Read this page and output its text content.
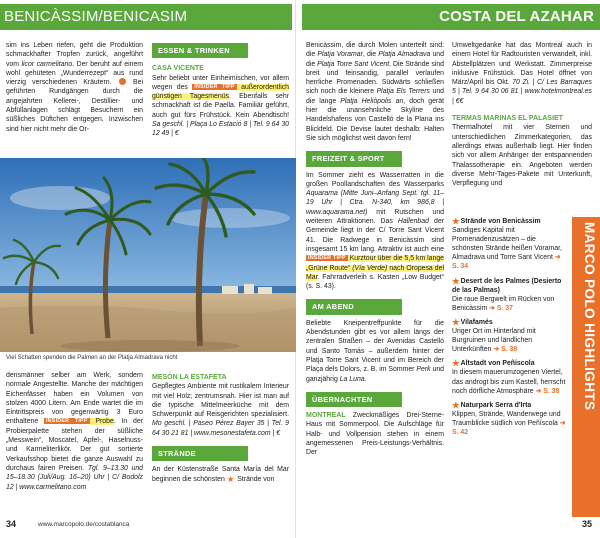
BENICÀSSIM/BENICASIM	COSTA DEL AZAHAR

sim ins Leben riefen, geht die Produktion schmackhafter Tropfen zurück, angeführt vom licor carmelitano. Der beruht auf einem wohl gehüteten „Wunderrezept“ aus rund vierzig verschiedenen Kräutern.  Bei geführten Rundgängen durch die angejahrten Kellerei-, Destillier- und Abfüllanlagen schlägt Besuchern ein süßliches Düftchen entgegen. Inzwischen sind hier nicht mehr die Or-

ESSEN & TRINKEN
CASA VICENTE

Sehr beliebt unter Einheimischen, vor allem wegen des INSIDER TIPP außerordentlich günstigen Tagesmenüs. Ebenfalls sehr schmackhaft ist die Paella. Familiär geführt, auch gut fürs Frühstück. Kein Abendtisch! Sa geschl. | Plaça Lo Estació 8 | Tel. 9 64 30 12 49 | €

Viel Schatten spenden die Palmen an der Platja Almadrava nicht

densmänner selber am Werk, sondern normale Angestellte. Manche der mächtigen Eichenfässer haben ein Volumen von stolzen 4000 Litern. Am Ende wartet die im Eintrittspreis von gegenwärtig 3 Euro enthaltene INSIDER TIPP Probe. In der Probierpalette stehen der süßliche „Messwein“, Moscatel, Apfel-, Haselnuss- und Karmeliterlikör. Der gut sortierte Verkaufsshop bietet die ganze Auswahl zu durchaus fairen Preisen. Tgl. 9–13.30 und 15–18.30 (Juli/Aug. 16–20) Uhr | C/ Bodolz 12 | www.carmelitano.com

MESÓN LA ESTAFETA

Gepflegtes Ambiente mit rustikalem Interieur mit viel Holz; zentrumsnah. Hier ist man auf die typische Mittelmeerküche mit dem Schwerpunkt auf Reisgerichten spezialisiert. Mo geschl. | Paseo Pérez Bayer 35 | Tel. 9 64 30 21 81 | www.mesonestafeta.com | €

STRÄNDE

An der Küstenstraße Santa María del Mar beginnen die schönsten ★ Strände von

Benicàssim, die durch Molen unterteilt sind: die Platja Voramar, die Platja Almadrava und die Platja Torre Sant Vicent. Die Strände sind breit und feinsandig, parallel verlaufen herrliche Promenaden. Südwärts schließen sich noch die kleinere Platja Els Terrers und die lange Platja Heliòpolis an, doch gerät hier die unansehnliche Skyline des Handelshafens von Castelló de la Plana ins Blickfeld. Die Devise lautet deshalb: Halten Sie sich möglichst weit davon fern!

FREIZEIT & SPORT

Im Sommer zieht es Wasserratten in die großen Poollandschaften des Wasserparks Aquarama (Mitte Juni–Anfang Sept. tgl. 11–19 Uhr | Ctra. N-340, km 986,8 | www.aquarama.net) mit Rutschen und weiteren Attraktionen. Das Hallenbad der Gemeinde liegt in der C/ Torre Sant Vicent 41. Die Radwege in Benicàssim sind insgesamt 15 km lang. Attraktiv ist auch eine INSIDER TIPP Kurztour über die 5,5 km lange „Grüne Route“ (Vía Verde) nach Oropesa del Mar. Fahrradverleih s. Kasten „Low Budget“ (s. S. 43).

AM ABEND

Beliebte Kneipentreffpunkte für die Abendstunden gibt es vor allem längs der zentralen Straßen – der Avenidas Castelló und Santo Tomás – außerdem hinter der Platja Torre Sant Vicent und im Bereich der Plaça dels Dolors, z. B. im Sommer Perk und ganzjährig La Luna.

ÜBERNACHTEN

MONTREAL Zweckmäßiges Drei-Sterne-Haus mit Sommerpool. Die Aufschläge für Halb- und Vollpension stehen in einem angemessenen Preis-Leistungs-Verhältnis. Der

Umweltgedanke hat das Montreal auch in einem Hotel für Radtouristen verwandelt, inkl. Abstellplätzen und Werkstatt. Zimmerpreise inklusive Frühstück. Das Hotel öffnet von März/April bis Okt. 70 Zi. | C/ Les Barraques 5 | Tel. 9 64 30 06 81 | www.hotelmontreal.es | €€

TERMAS MARINAS EL PALASIET

Thermalhotel mit vier Sternen und unterschiedlichen Zimmerkategorien, das allerdings etwas außerhalb liegt. Hier finden sich vor allem Anhänger der entspannenden Thalassotherapie ein. Angeboten werden diverse Mehr-Tages-Pakete mit Unterkunft, Verpflegung und

★Strände von Benicàssim
Sandiges Kapital mit Promenadenzusätzen – die schönsten Strände heißen Voramar, Almadrava und Torre Sant Vicent ➜ S. 34
★Desert de les Palmes (Desierto de las Palmas)
Die raue Bergwelt im Rücken von Benicàssim ➜ S. 37
★Vilafamés
Uriger Ort im Hinterland mit Burgruinen und ländlichen Unterkünften ➜ S. 38
★Altstadt von Peñíscola
In diesem mauerumzogenen Viertel, das androgt bis zum Kastell, herrscht noch dörfliche Atmosphäre ➜ S. 38
★Naturpark Serra d'Irta
Klippen, Strände, Wanderwege und Traumblicke südlich von Peñíscola ➜ S. 42
MARCO POLO HIGHLIGHTS
34	www.marcopolo.de/costablanca	35
